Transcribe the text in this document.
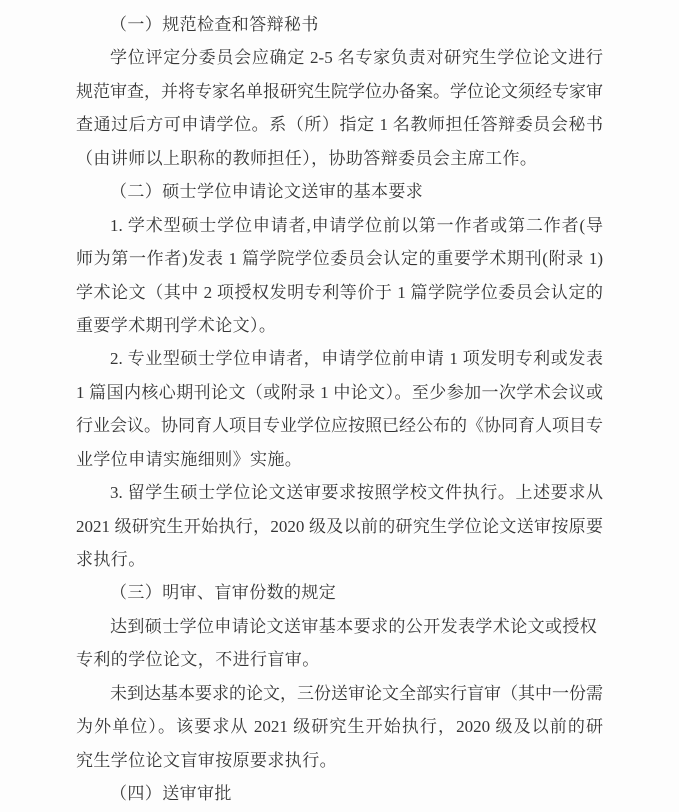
（一）规范检查和答辩秘书
学位评定分委员会应确定 2-5 名专家负责对研究生学位论文进行
规范审查，并将专家名单报研究生院学位办备案。学位论文须经专家审
查通过后方可申请学位。系（所）指定 1 名教师担任答辩委员会秘书
（由讲师以上职称的教师担任），协助答辩委员会主席工作。
（二）硕士学位申请论文送审的基本要求
1. 学术型硕士学位申请者,申请学位前以第一作者或第二作者(导
师为第一作者)发表 1 篇学院学位委员会认定的重要学术期刊(附录 1)
学术论文（其中 2 项授权发明专利等价于 1 篇学院学位委员会认定的
重要学术期刊学术论文）。
2. 专业型硕士学位申请者，申请学位前申请 1 项发明专利或发表
1 篇国内核心期刊论文（或附录 1 中论文）。至少参加一次学术会议或
行业会议。协同育人项目专业学位应按照已经公布的《协同育人项目专
业学位申请实施细则》实施。
3. 留学生硕士学位论文送审要求按照学校文件执行。上述要求从
2021 级研究生开始执行，2020 级及以前的研究生学位论文送审按原要
求执行。
（三）明审、盲审份数的规定
达到硕士学位申请论文送审基本要求的公开发表学术论文或授权
专利的学位论文，不进行盲审。
未到达基本要求的论文，三份送审论文全部实行盲审（其中一份需
为外单位）。该要求从 2021 级研究生开始执行，2020 级及以前的研
究生学位论文盲审按原要求执行。
（四）送审审批
